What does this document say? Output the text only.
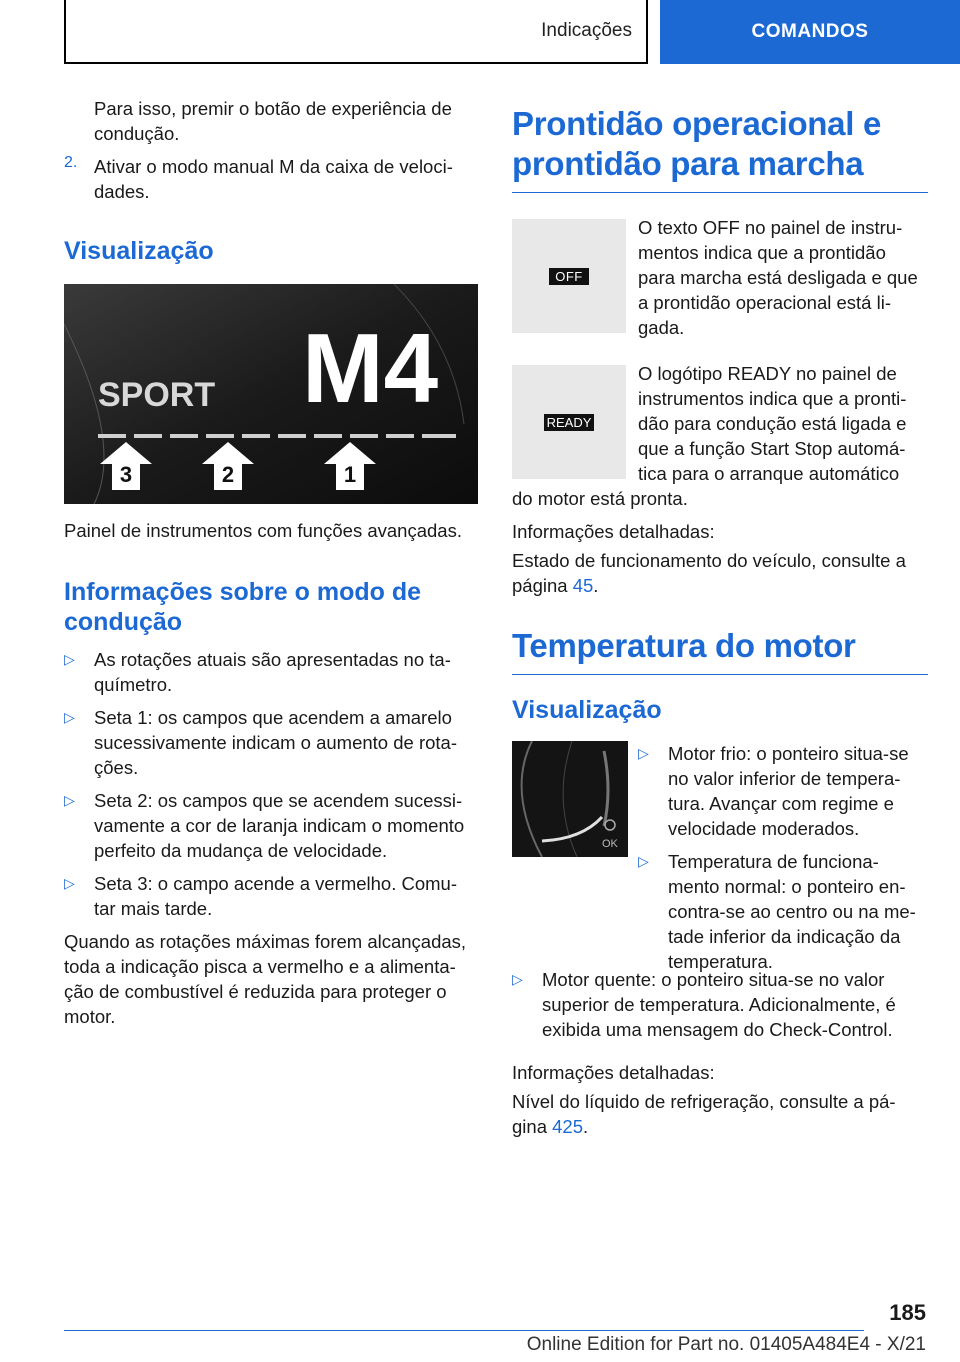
Indicações	COMANDOS

Para isso, premir o botão de experiência de condução.

2. Ativar o modo manual M da caixa de veloci-dades.
Visualização
SPORT M4
3	2	1

Painel de instrumentos com funções avançadas.

Informações sobre o modo de condução
▷	As rotações atuais são apresentadas no ta-químetro.
▷	Seta 1: os campos que acendem a amarelo sucessivamente indicam o aumento de rota-ções.
▷	Seta 2: os campos que se acendem sucessi-vamente a cor de laranja indicam o momento perfeito da mudança de velocidade.
▷	Seta 3: o campo acende a vermelho. Comu-tar mais tarde.

Quando as rotações máximas forem alcançadas, toda a indicação pisca a vermelho e a alimenta-ção de combustível é reduzida para proteger o motor.

Prontidão operacional e prontidão para marcha
OFF

O texto OFF no painel de instru-mentos indica que a prontidão para marcha está desligada e que a prontidão operacional está li-gada.

READY

O logótipo READY no painel de instrumentos indica que a pronti-dão para condução está ligada e que a função Start Stop automá-tica para o arranque automático

do motor está pronta.

Informações detalhadas:

Estado de funcionamento do veículo, consulte a página 45.

Temperatura do motor
Visualização
OK
▷	Motor frio: o ponteiro situa-se no valor inferior de tempera-tura. Avançar com regime e velocidade moderados.
▷	Temperatura de funciona-mento normal: o ponteiro en-contra-se ao centro ou na me-tade inferior da indicação da temperatura.
▷	Motor quente: o ponteiro situa-se no valor superior de temperatura. Adicionalmente, é exibida uma mensagem do Check-Control.

Informações detalhadas:

Nível do líquido de refrigeração, consulte a pá-gina 425.

185
Online Edition for Part no. 01405A484E4 - X/21
